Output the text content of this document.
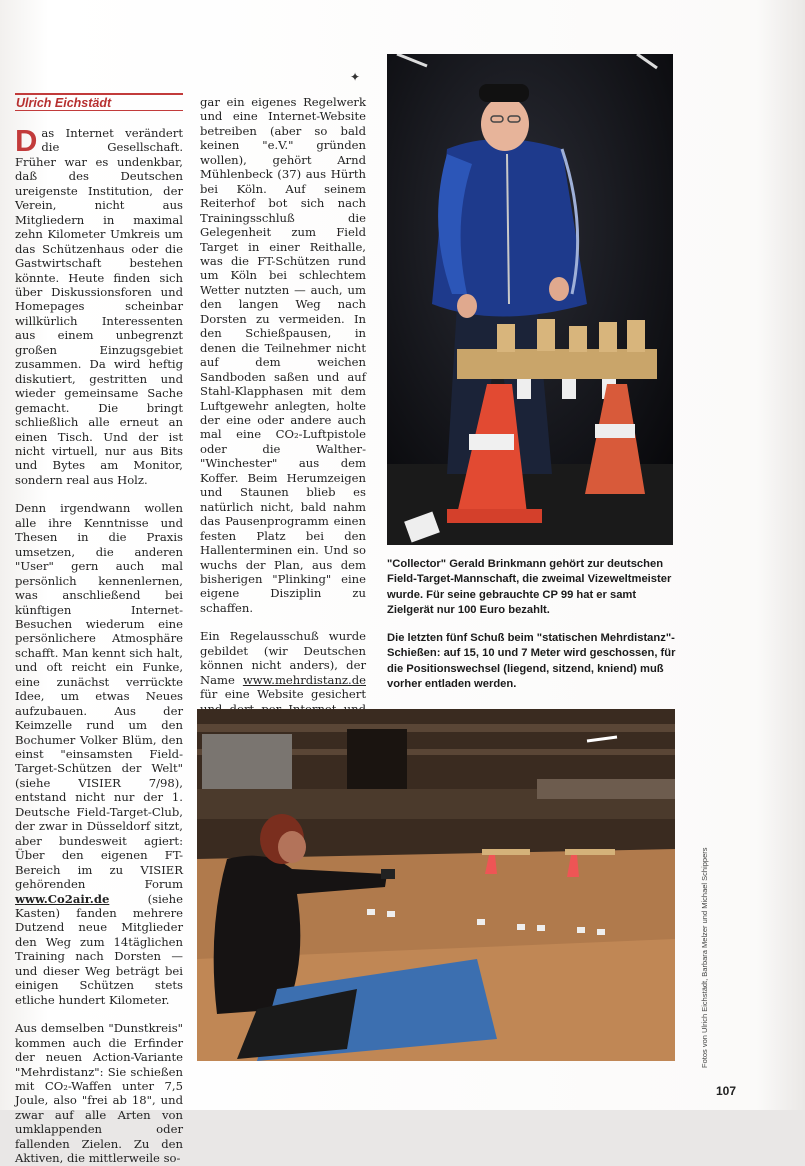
Ulrich Eichstädt
✦

Das Internet verändert die Gesellschaft. Früher war es undenkbar, daß des Deutschen ureigenste Institution, der Verein, nicht aus Mitgliedern in maximal zehn Kilometer Umkreis um das Schützenhaus oder die Gastwirtschaft bestehen könnte. Heute finden sich über Diskussionsforen und Homepages scheinbar willkürlich Interessenten aus einem unbegrenzt großen Einzugsgebiet zusammen. Da wird heftig diskutiert, gestritten und wieder gemeinsame Sache gemacht. Die bringt schließlich alle erneut an einen Tisch. Und der ist nicht virtuell, nur aus Bits und Bytes am Monitor, sondern real aus Holz.

Denn irgendwann wollen alle ihre Kenntnisse und Thesen in die Praxis umsetzen, die anderen "User" gern auch mal persönlich kennenlernen, was anschließend bei künftigen Internet-Besuchen wiederum eine persönlichere Atmosphäre schafft. Man kennt sich halt, und oft reicht ein Funke, eine zunächst verrückte Idee, um etwas Neues aufzubauen. Aus der Keimzelle rund um den Bochumer Volker Blüm, den einst "einsamsten Field-Target-Schützen der Welt" (siehe VISIER 7/98), entstand nicht nur der 1. Deutsche Field-Target-Club, der zwar in Düsseldorf sitzt, aber bundesweit agiert: Über den eigenen FT-Bereich im zu VISIER gehörenden Forum www.Co2air.de	(siehe Kasten) fanden mehrere Dutzend neue Mitglieder den Weg zum 14täglichen Training nach Dorsten — und dieser Weg beträgt bei einigen Schützen stets etliche hundert Kilometer.

Aus demselben "Dunstkreis" kommen auch die Erfinder der neuen Action-Variante "Mehrdistanz": Sie schießen mit CO₂-Waffen unter 7,5 Joule, also "frei ab 18", und zwar auf alle Arten von umklappenden oder fallenden Zielen. Zu den Aktiven, die mittlerweile so-

gar ein eigenes Regelwerk und eine Internet-Website betreiben (aber so bald keinen "e.V." gründen wollen), gehört Arnd Mühlenbeck (37) aus Hürth bei Köln. Auf seinem Reiterhof bot sich nach Trainingsschluß die Gelegenheit zum Field Target in einer Reithalle, was die FT-Schützen rund um Köln bei schlechtem Wetter nutzten — auch, um den langen Weg nach Dorsten zu vermeiden. In den Schießpausen, in denen die Teilnehmer nicht auf dem weichen Sandboden saßen und auf Stahl-Klapphasen mit dem Luftgewehr anlegten, holte der eine oder andere auch mal eine CO₂-Luftpistole oder die Walther-"Winchester" aus dem Koffer. Beim Herumzeigen und Staunen blieb es natürlich nicht, bald nahm das Pausenprogramm einen festen Platz bei den Hallenterminen ein. Und so wuchs der Plan, aus dem bisherigen "Plinking" eine eigene Disziplin zu schaffen.

Ein Regelausschuß wurde gebildet (wir Deutschen können nicht anders), der Name www.mehrdistanz.de für eine Website gesichert

"Collector" Gerald Brinkmann gehört zur deutschen Field-Target-Mannschaft, die zweimal Vizeweltmeister wurde. Für seine gebrauchte CP 99 hat er samt Zielgerät nur 100 Euro bezahlt.
Die letzten fünf Schuß beim "statischen Mehrdistanz"-Schießen: auf 15, 10 und 7 Meter wird geschossen, für die Positionswechsel (liegend, sitzend, kniend) muß vorher entladen werden.
Fotos von Ulrich Eichstädt, Barbara Melzer und Michael Schippers
107
